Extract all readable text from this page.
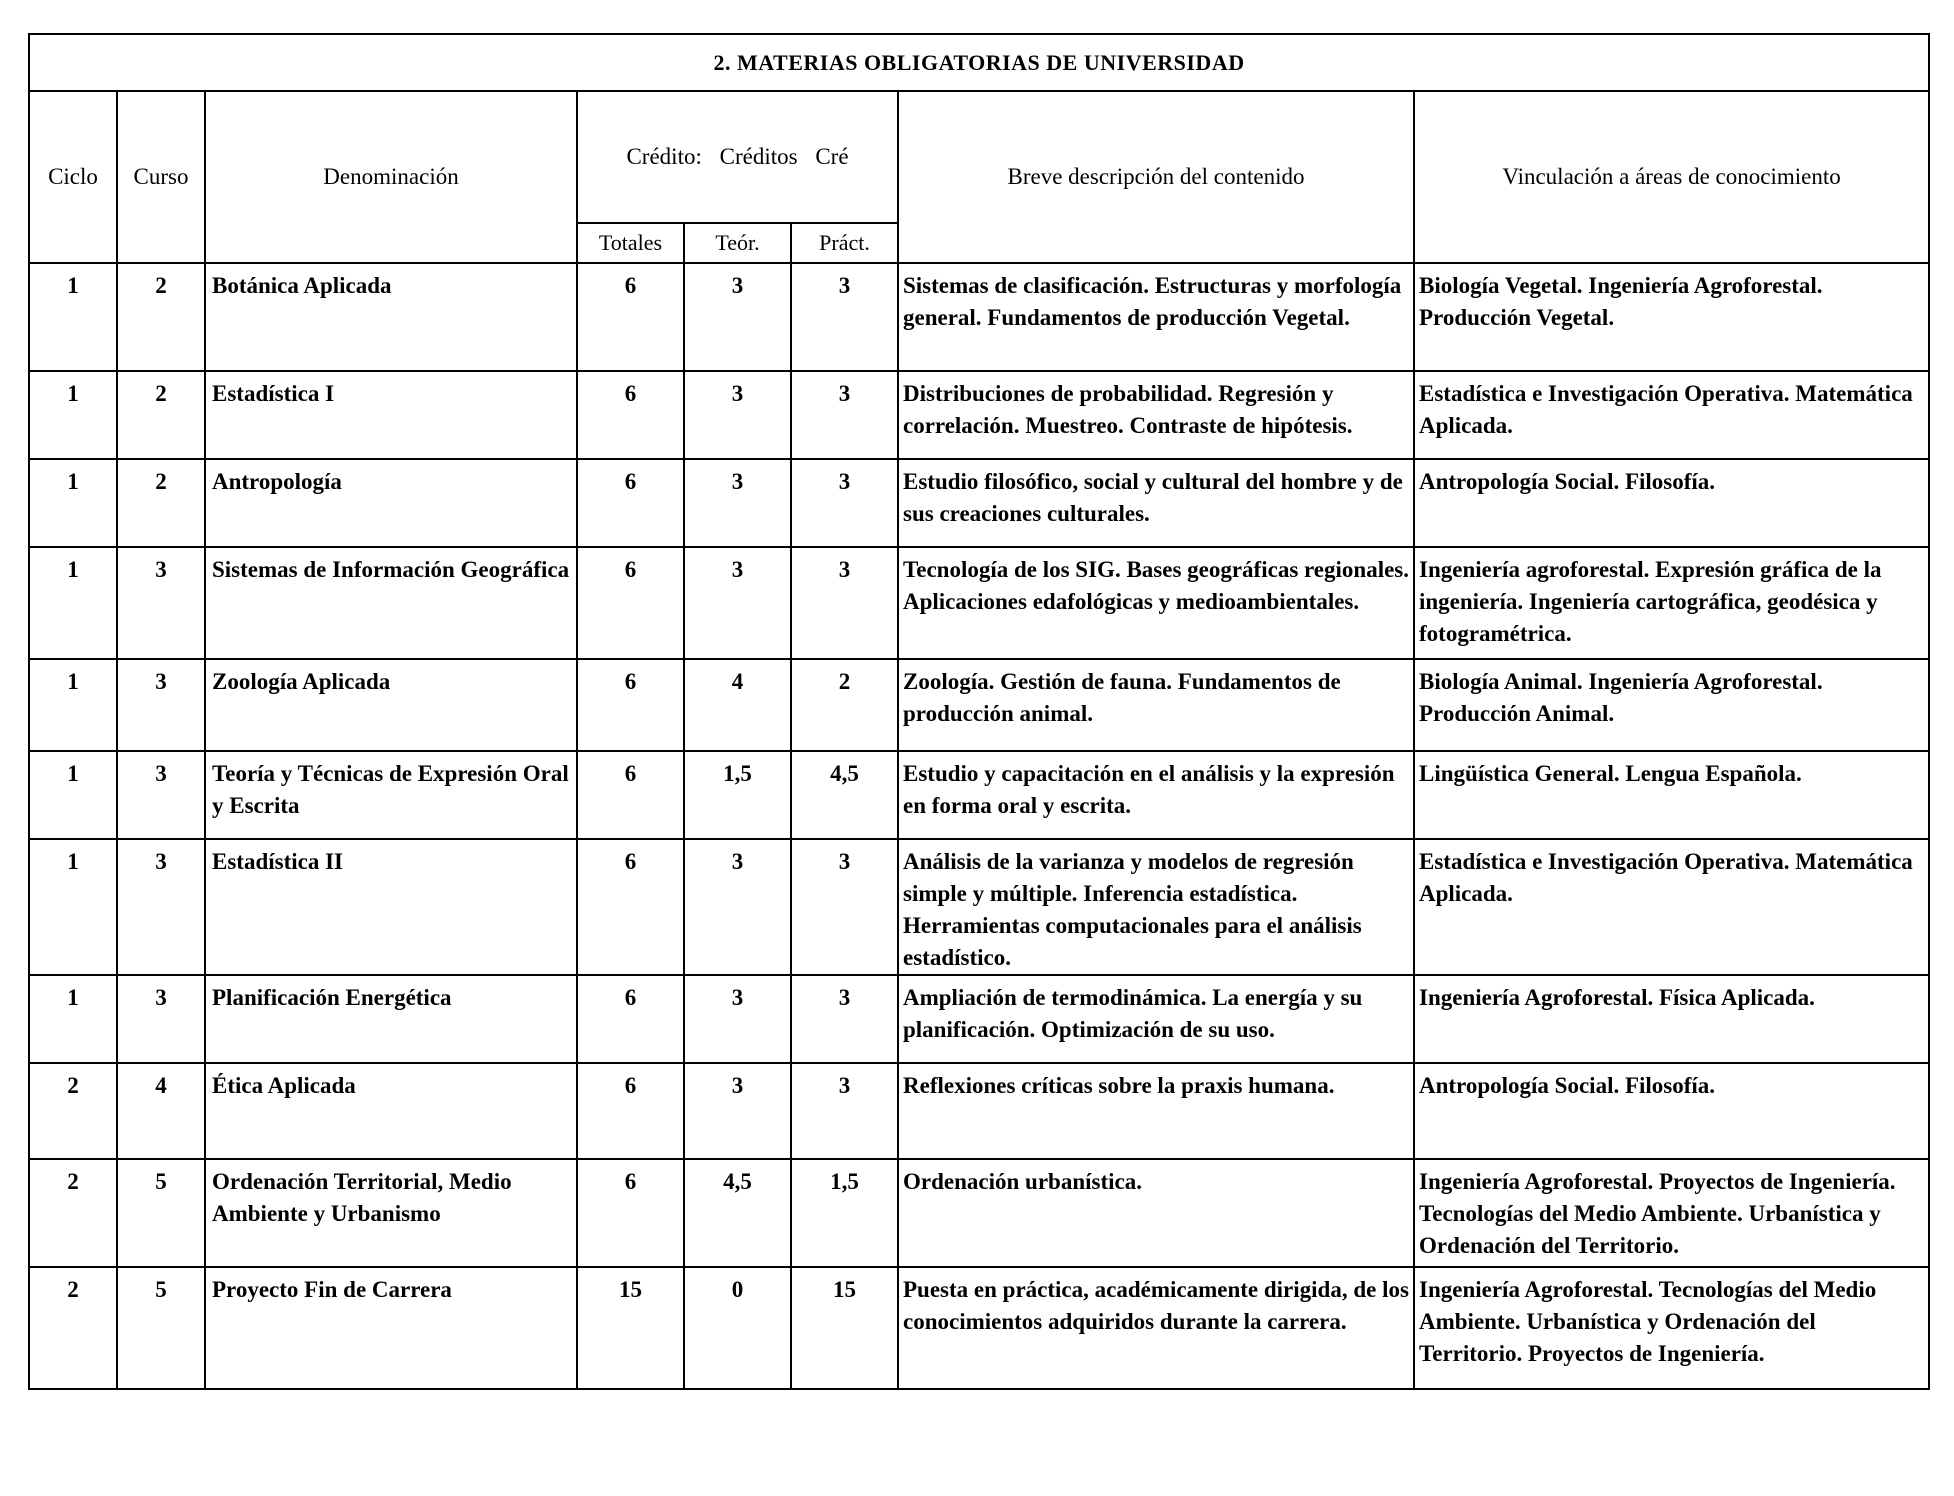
2. MATERIAS OBLIGATORIAS DE UNIVERSIDAD							
Ciclo	Curso	Denominación	Crédito: Créditos Cré			Breve descripción del contenido	Vinculación a áreas de conocimiento
			Totales	Teór.	Práct.		
1	2	Botánica Aplicada	6	3	3	Sistemas de clasificación. Estructuras y morfología general. Fundamentos de producción Vegetal.	Biología Vegetal. Ingeniería Agroforestal. Producción Vegetal.
1	2	Estadística I	6	3	3	Distribuciones de probabilidad. Regresión y correlación. Muestreo. Contraste de hipótesis.	Estadística e Investigación Operativa. Matemática Aplicada.
1	2	Antropología	6	3	3	Estudio filosófico, social y cultural del hombre y de sus creaciones culturales.	Antropología Social. Filosofía.
1	3	Sistemas de Información Geográfica	6	3	3	Tecnología de los SIG. Bases geográficas regionales. Aplicaciones edafológicas y medioambientales.	Ingeniería agroforestal. Expresión gráfica de la ingeniería. Ingeniería cartográfica, geodésica y fotogramétrica.
1	3	Zoología Aplicada	6	4	2	Zoología. Gestión de fauna. Fundamentos de producción animal.	Biología Animal. Ingeniería Agroforestal. Producción Animal.
1	3	Teoría y Técnicas de Expresión Oral y Escrita	6	1,5	4,5	Estudio y capacitación en el análisis y la expresión en forma oral y escrita.	Lingüística General. Lengua Española.
1	3	Estadística II	6	3	3	Análisis de la varianza y modelos de regresión simple y múltiple. Inferencia estadística. Herramientas computacionales para el análisis estadístico.	Estadística e Investigación Operativa. Matemática Aplicada.
1	3	Planificación Energética	6	3	3	Ampliación de termodinámica. La energía y su planificación. Optimización de su uso.	Ingeniería Agroforestal. Física Aplicada.
2	4	Ética Aplicada	6	3	3	Reflexiones críticas sobre la praxis humana.	Antropología Social. Filosofía.
2	5	Ordenación Territorial, Medio Ambiente y Urbanismo	6	4,5	1,5	Ordenación urbanística.	Ingeniería Agroforestal. Proyectos de Ingeniería. Tecnologías del Medio Ambiente. Urbanística y Ordenación del Territorio.
2	5	Proyecto Fin de Carrera	15	0	15	Puesta en práctica, académicamente dirigida, de los conocimientos adquiridos durante la carrera.	Ingeniería Agroforestal. Tecnologías del Medio Ambiente. Urbanística y Ordenación del Territorio. Proyectos de Ingeniería.
